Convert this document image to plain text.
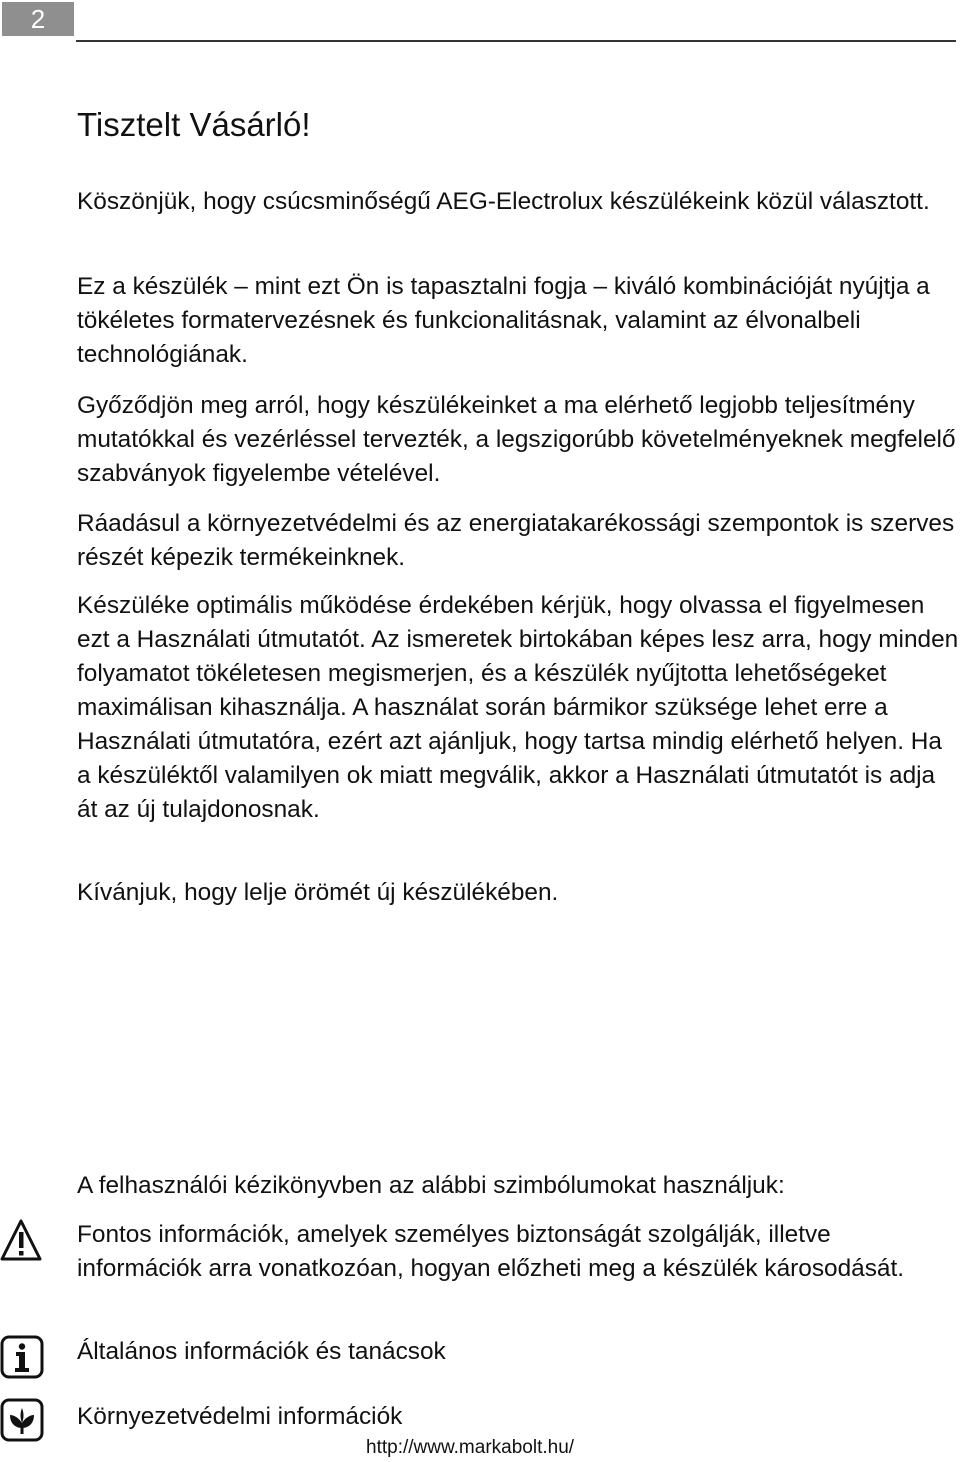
2
Tisztelt Vásárló!

Köszönjük, hogy csúcsminőségű AEG-Electrolux készülékeink közül választott.

Ez a készülék – mint ezt Ön is tapasztalni fogja – kiváló kombinációját nyújtja a tökéletes formatervezésnek és funkcionalitásnak, valamint az élvonalbeli technológiának.

Győződjön meg arról, hogy készülékeinket a ma elérhető legjobb teljesítmény mutatókkal és vezérléssel tervezték, a legszigorúbb követelményeknek megfelelő szabványok figyelembe vételével.

Ráadásul a környezetvédelmi és az energiatakarékossági szempontok is szerves részét képezik termékeinknek.

Készüléke optimális működése érdekében kérjük, hogy olvassa el figyelmesen ezt a Használati útmutatót. Az ismeretek birtokában képes lesz arra, hogy minden folyamatot tökéletesen megismerjen, és a készülék nyűjtotta lehetőségeket maximálisan kihasználja. A használat során bármikor szüksége lehet erre a Használati útmutatóra, ezért azt ajánljuk, hogy tartsa mindig elérhető helyen. Ha a készüléktől valamilyen ok miatt megválik, akkor a Használati útmutatót is adja át az új tulajdonosnak.

Kívánjuk, hogy lelje örömét új készülékében.

A felhasználói kézikönyvben az alábbi szimbólumokat használjuk:

Fontos információk, amelyek személyes biztonságát szolgálják, illetve információk arra vonatkozóan, hogyan előzheti meg a készülék károsodását.
Általános információk és tanácsok
Környezetvédelmi információk
http://www.markabolt.hu/
